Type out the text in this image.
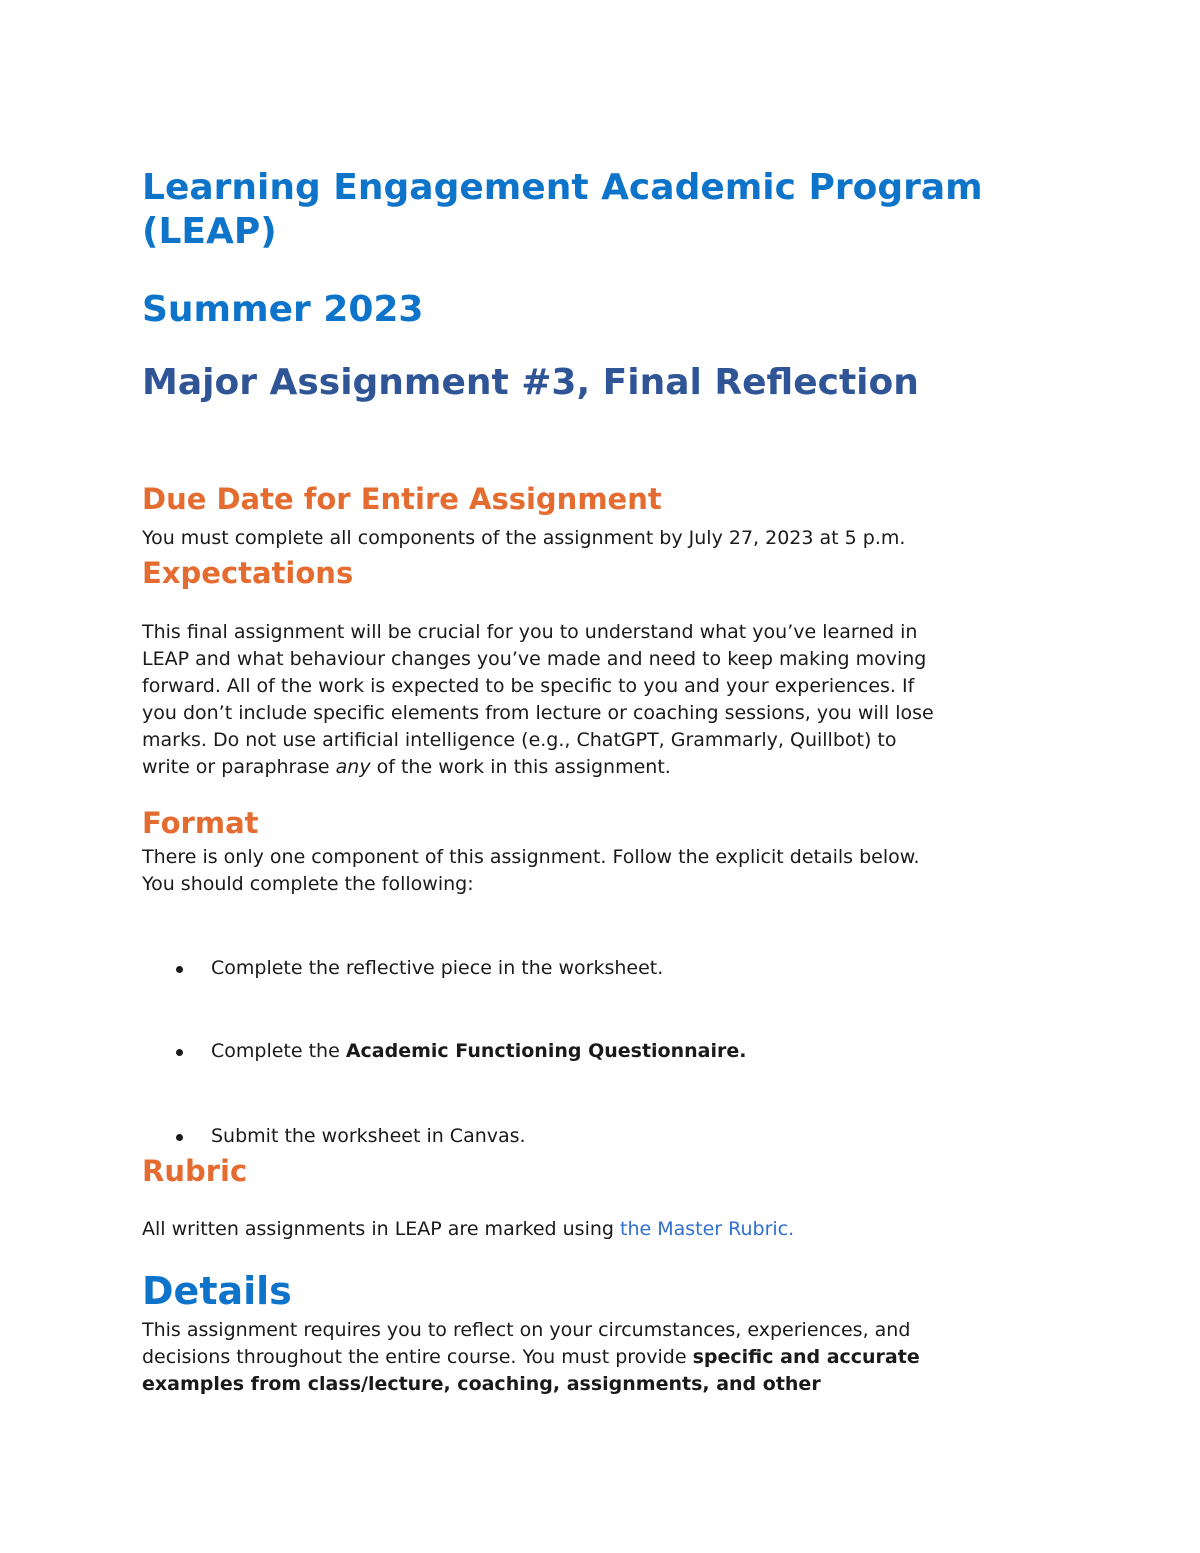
Learning Engagement Academic Program
(LEAP)
Summer 2023
Major Assignment #3, Final Reflection
Due Date for Entire Assignment

You must complete all components of the assignment by July 27, 2023 at 5 p.m.

Expectations

This final assignment will be crucial for you to understand what you’ve learned in
LEAP and what behaviour changes you’ve made and need to keep making moving
forward. All of the work is expected to be specific to you and your experiences. If
you don’t include specific elements from lecture or coaching sessions, you will lose
marks. Do not use artificial intelligence (e.g., ChatGPT, Grammarly, Quillbot) to
write or paraphrase any of the work in this assignment.

Format

There is only one component of this assignment. Follow the explicit details below.
You should complete the following:

Complete the reflective piece in the worksheet.
Complete the Academic Functioning Questionnaire.
Submit the worksheet in Canvas.
Rubric

All written assignments in LEAP are marked using the Master Rubric.

Details

This assignment requires you to reflect on your circumstances, experiences, and
decisions throughout the entire course. You must provide specific and accurate
examples from class/lecture, coaching, assignments, and other
